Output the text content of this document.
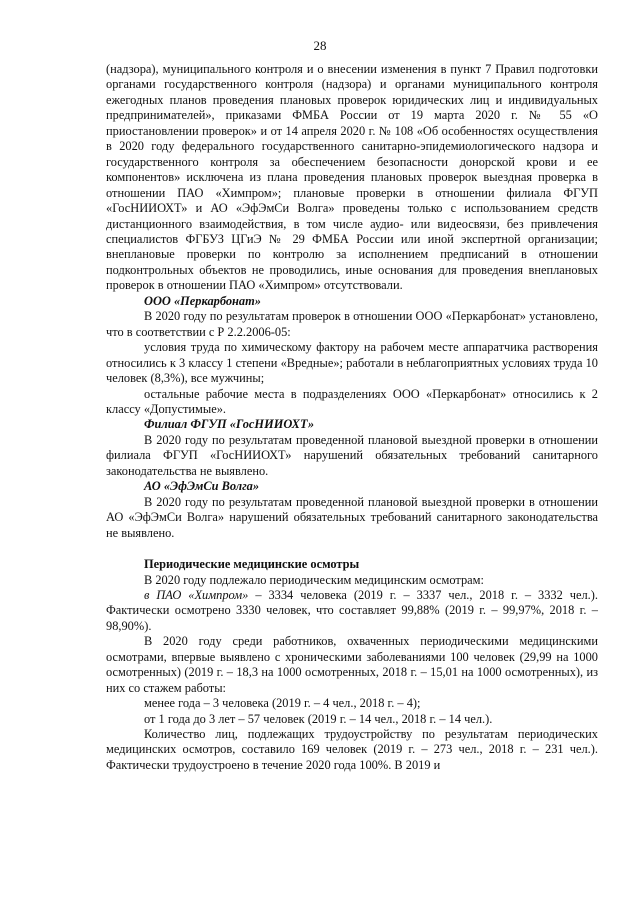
28

(надзора), муниципального контроля и о внесении изменения в пункт 7 Правил подготовки органами государственного контроля (надзора) и органами муниципального контроля ежегодных планов проведения плановых проверок юридических лиц и индивидуальных предпринимателей», приказами ФМБА России от 19 марта 2020 г. № 55 «О приостановлении проверок» и от 14 апреля 2020 г. № 108 «Об особенностях осуществления в 2020 году федерального государственного санитарно-эпидемиологического надзора и государственного контроля за обеспечением безопасности донорской крови и ее компонентов» исключена из плана проведения плановых проверок выездная проверка в отношении ПАО «Химпром»; плановые проверки в отношении филиала ФГУП «ГосНИИОХТ» и АО «ЭфЭмСи Волга» проведены только с использованием средств дистанционного взаимодействия, в том числе аудио- или видеосвязи, без привлечения специалистов ФГБУЗ ЦГиЭ № 29 ФМБА России или иной экспертной организации; внеплановые проверки по контролю за исполнением предписаний в отношении подконтрольных объектов не проводились, иные основания для проведения внеплановых проверок в отношении ПАО «Химпром» отсутствовали.

ООО «Перкарбонат»

В 2020 году по результатам проверок в отношении ООО «Перкарбонат» установлено, что в соответствии с Р 2.2.2006-05:

условия труда по химическому фактору на рабочем месте аппаратчика растворения относились к 3 классу 1 степени «Вредные»; работали в неблагоприятных условиях труда 10 человек (8,3%), все мужчины;

остальные рабочие места в подразделениях ООО «Перкарбонат» относились к 2 классу «Допустимые».

Филиал ФГУП «ГосНИИОХТ»

В 2020 году по результатам проведенной плановой выездной проверки в отношении филиала ФГУП «ГосНИИОХТ» нарушений обязательных требований санитарного законодательства не выявлено.

АО «ЭфЭмСи Волга»

В 2020 году по результатам проведенной плановой выездной проверки в отношении АО «ЭфЭмСи Волга» нарушений обязательных требований санитарного законодательства не выявлено.

Периодические медицинские осмотры

В 2020 году подлежало периодическим медицинским осмотрам:

в ПАО «Химпром» – 3334 человека (2019 г. – 3337 чел., 2018 г. – 3332 чел.). Фактически осмотрено 3330 человек, что составляет 99,88% (2019 г. – 99,97%, 2018 г. – 98,90%).

В 2020 году среди работников, охваченных периодическими медицинскими осмотрами, впервые выявлено с хроническими заболеваниями 100 человек (29,99 на 1000 осмотренных) (2019 г. – 18,3 на 1000 осмотренных, 2018 г. – 15,01 на 1000 осмотренных), из них со стажем работы:

менее года – 3 человека (2019 г. – 4 чел., 2018 г. – 4);

от 1 года до 3 лет – 57 человек (2019 г. – 14 чел., 2018 г. – 14 чел.).

Количество лиц, подлежащих трудоустройству по результатам периодических медицинских осмотров, составило 169 человек (2019 г. – 273 чел., 2018 г. – 231 чел.). Фактически трудоустроено в течение 2020 года 100%. В 2019 и
